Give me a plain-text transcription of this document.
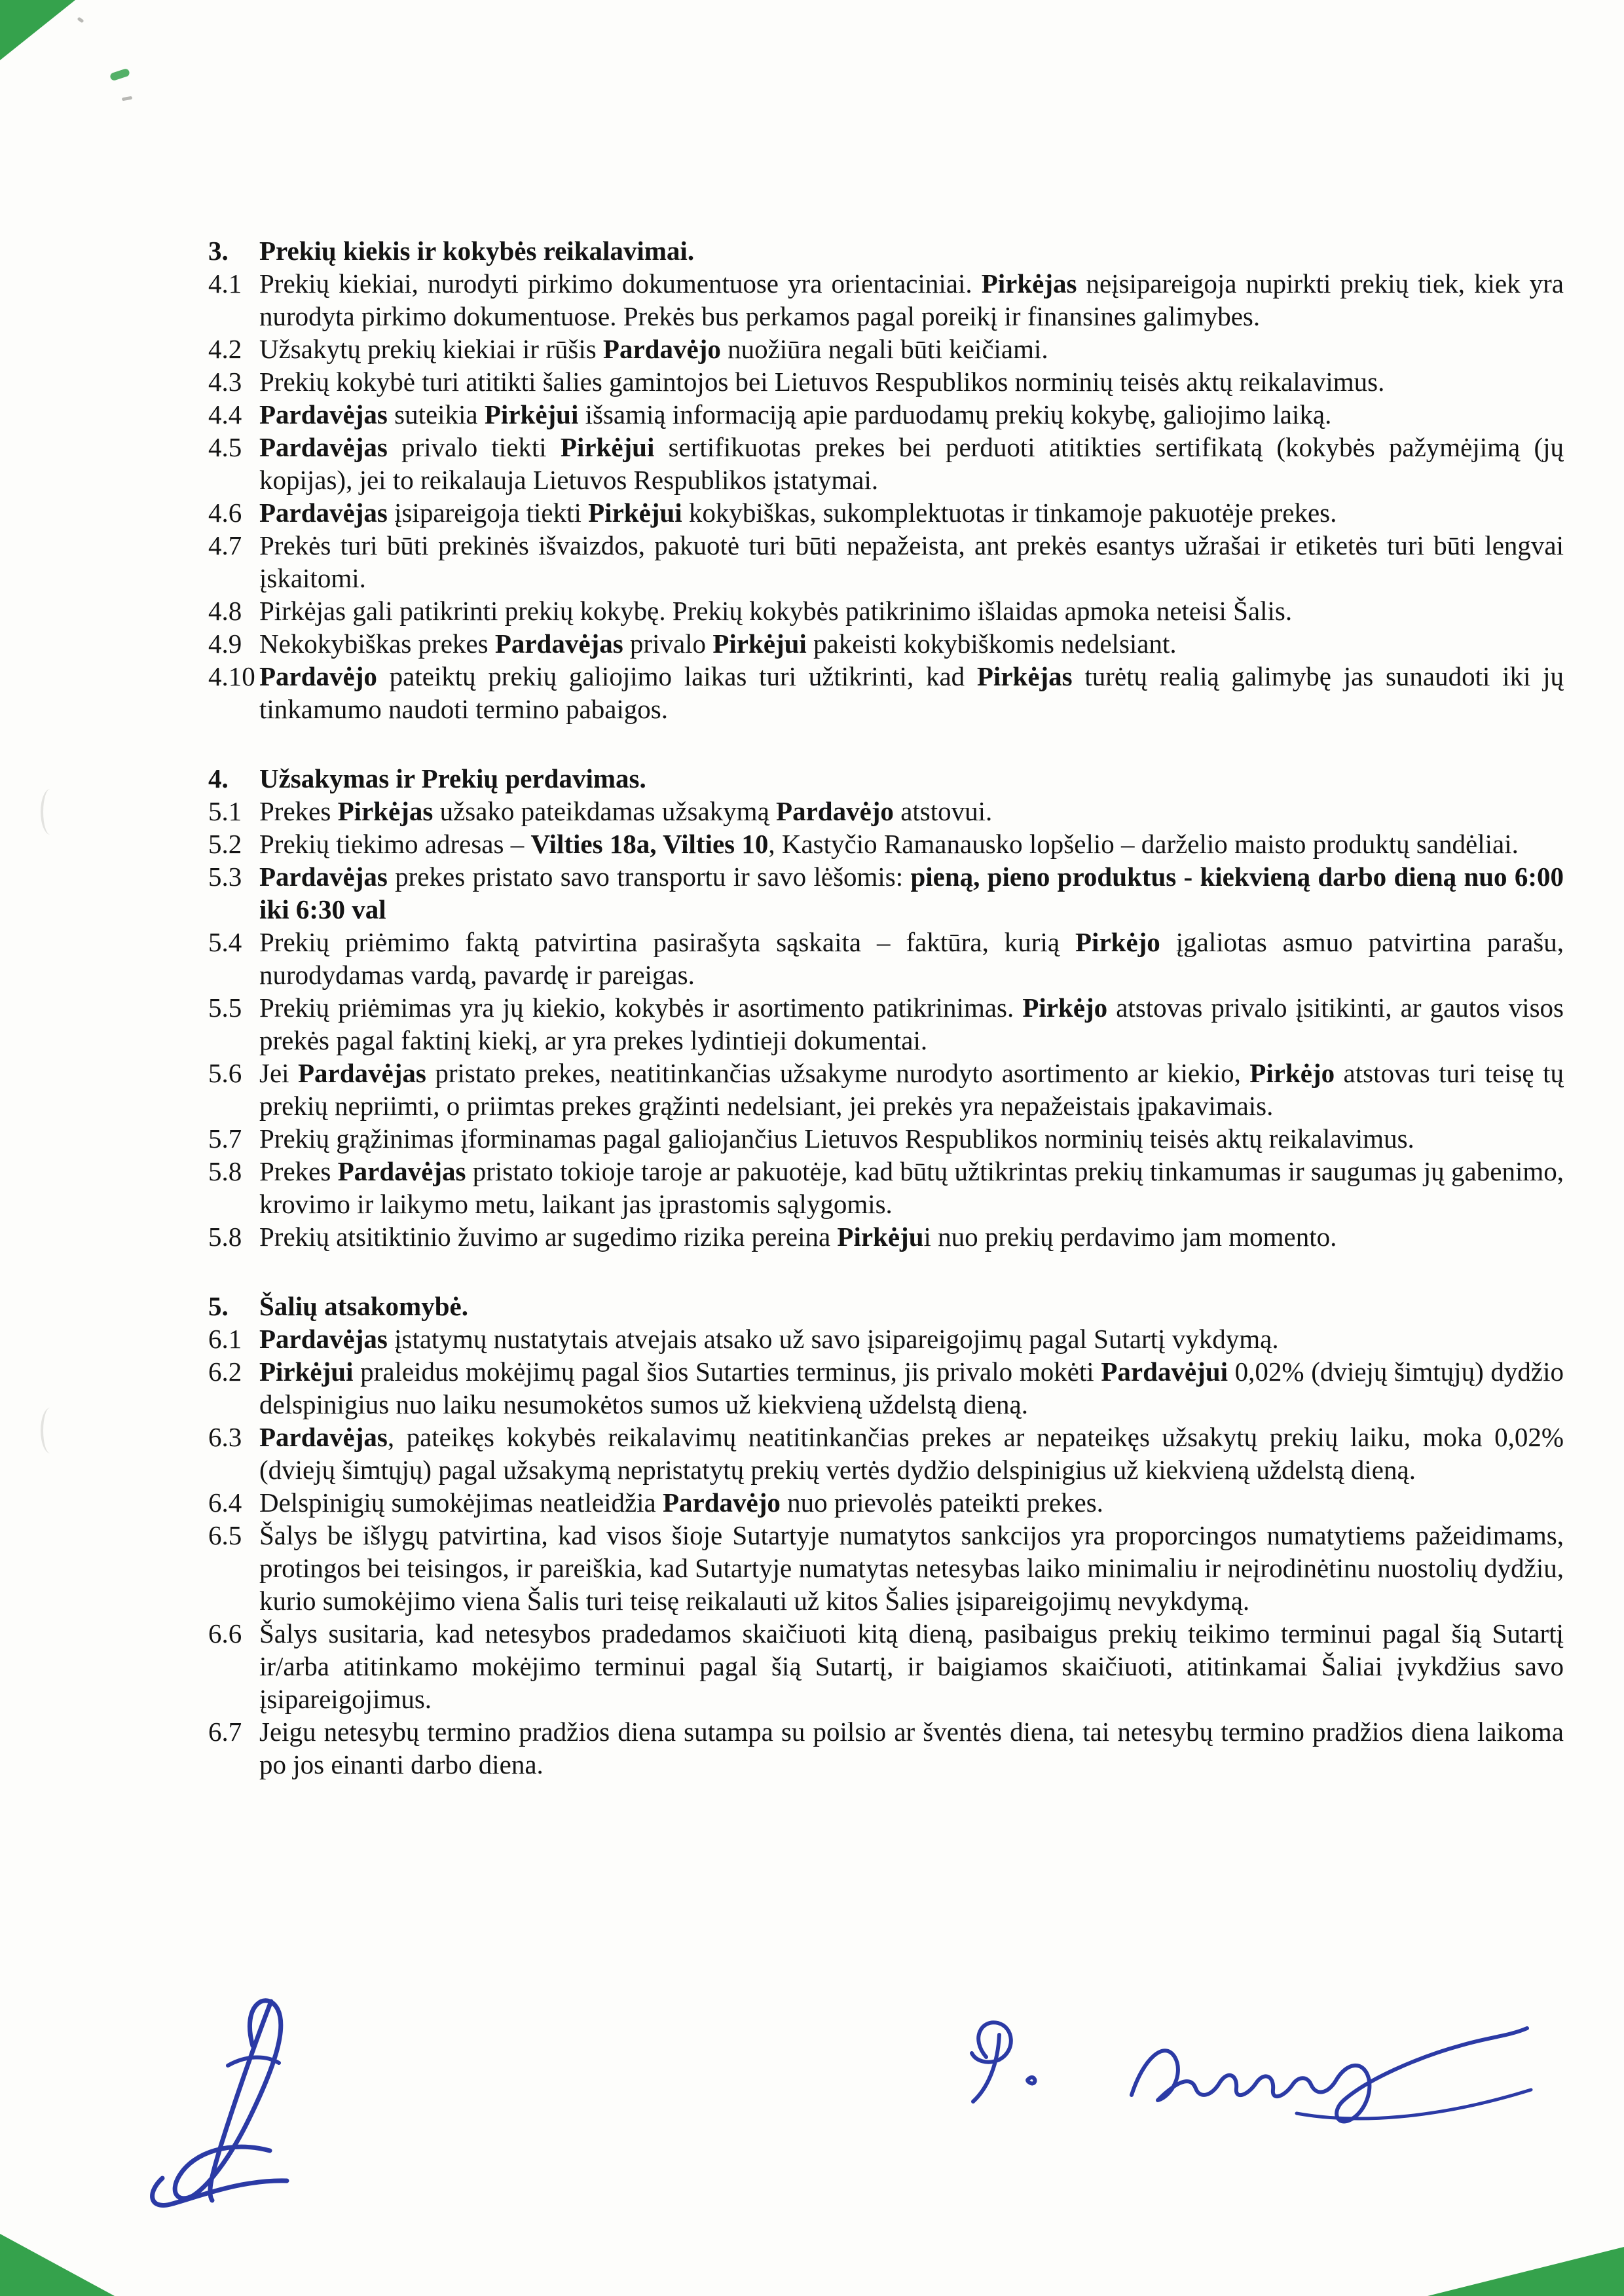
3. Prekių kiekis ir kokybės reikalavimai.
4.1 Prekių kiekiai, nurodyti pirkimo dokumentuose yra orientaciniai. Pirkėjas neįsipareigoja nupirkti prekių tiek, kiek yra nurodyta pirkimo dokumentuose. Prekės bus perkamos pagal poreikį ir finansines galimybes.
4.2 Užsakytų prekių kiekiai ir rūšis Pardavėjo nuožiūra negali būti keičiami.
4.3 Prekių kokybė turi atitikti šalies gamintojos bei Lietuvos Respublikos norminių teisės aktų reikalavimus.
4.4 Pardavėjas suteikia Pirkėjui išsamią informaciją apie parduodamų prekių kokybę, galiojimo laiką.
4.5 Pardavėjas privalo tiekti Pirkėjui sertifikuotas prekes bei perduoti atitikties sertifikatą (kokybės pažymėjimą (jų kopijas), jei to reikalauja Lietuvos Respublikos įstatymai.
4.6 Pardavėjas įsipareigoja tiekti Pirkėjui kokybiškas, sukomplektuotas ir tinkamoje pakuotėje prekes.
4.7 Prekės turi būti prekinės išvaizdos, pakuotė turi būti nepažeista, ant prekės esantys užrašai ir etiketės turi būti lengvai įskaitomi.
4.8 Pirkėjas gali patikrinti prekių kokybę. Prekių kokybės patikrinimo išlaidas apmoka neteisi Šalis.
4.9 Nekokybiškas prekes Pardavėjas privalo Pirkėjui pakeisti kokybiškomis nedelsiant.
4.10 Pardavėjo pateiktų prekių galiojimo laikas turi užtikrinti, kad Pirkėjas turėtų realią galimybę jas sunaudoti iki jų tinkamumo naudoti termino pabaigos.
4. Užsakymas ir Prekių perdavimas.
5.1 Prekes Pirkėjas užsako pateikdamas užsakymą Pardavėjo atstovui.
5.2 Prekių tiekimo adresas – Vilties 18a, Vilties 10, Kastyčio Ramanausko lopšelio – darželio maisto produktų sandėliai.
5.3 Pardavėjas prekes pristato savo transportu ir savo lėšomis: pieną, pieno produktus - kiekvieną darbo dieną nuo 6:00 iki 6:30 val
5.4 Prekių priėmimo faktą patvirtina pasirašyta sąskaita – faktūra, kurią Pirkėjo įgaliotas asmuo patvirtina parašu, nurodydamas vardą, pavardę ir pareigas.
5.5 Prekių priėmimas yra jų kiekio, kokybės ir asortimento patikrinimas. Pirkėjo atstovas privalo įsitikinti, ar gautos visos prekės pagal faktinį kiekį, ar yra prekes lydintieji dokumentai.
5.6 Jei Pardavėjas pristato prekes, neatitinkančias užsakyme nurodyto asortimento ar kiekio, Pirkėjo atstovas turi teisę tų prekių nepriimti, o priimtas prekes grąžinti nedelsiant, jei prekės yra nepažeistais įpakavimais.
5.7 Prekių grąžinimas įforminamas pagal galiojančius Lietuvos Respublikos norminių teisės aktų reikalavimus.
5.8 Prekes Pardavėjas pristato tokioje taroje ar pakuotėje, kad būtų užtikrintas prekių tinkamumas ir saugumas jų gabenimo, krovimo ir laikymo metu, laikant jas įprastomis sąlygomis.
5.8 Prekių atsitiktinio žuvimo ar sugedimo rizika pereina Pirkėjui nuo prekių perdavimo jam momento.
5. Šalių atsakomybė.
6.1 Pardavėjas įstatymų nustatytais atvejais atsako už savo įsipareigojimų pagal Sutartį vykdymą.
6.2 Pirkėjui praleidus mokėjimų pagal šios Sutarties terminus, jis privalo mokėti Pardavėjui 0,02% (dviejų šimtųjų) dydžio delspinigius nuo laiku nesumokėtos sumos už kiekvieną uždelstą dieną.
6.3 Pardavėjas, pateikęs kokybės reikalavimų neatitinkančias prekes ar nepateikęs užsakytų prekių laiku, moka 0,02% (dviejų šimtųjų) pagal užsakymą nepristatytų prekių vertės dydžio delspinigius už kiekvieną uždelstą dieną.
6.4 Delspinigių sumokėjimas neatleidžia Pardavėjo nuo prievolės pateikti prekes.
6.5 Šalys be išlygų patvirtina, kad visos šioje Sutartyje numatytos sankcijos yra proporcingos numatytiems pažeidimams, protingos bei teisingos, ir pareiškia, kad Sutartyje numatytas netesybas laiko minimaliu ir neįrodinėtinu nuostolių dydžiu, kurio sumokėjimo viena Šalis turi teisę reikalauti už kitos Šalies įsipareigojimų nevykdymą.
6.6 Šalys susitaria, kad netesybos pradedamos skaičiuoti kitą dieną, pasibaigus prekių teikimo terminui pagal šią Sutartį ir/arba atitinkamo mokėjimo terminui pagal šią Sutartį, ir baigiamos skaičiuoti, atitinkamai Šaliai įvykdžius savo įsipareigojimus.
6.7 Jeigu netesybų termino pradžios diena sutampa su poilsio ar šventės diena, tai netesybų termino pradžios diena laikoma po jos einanti darbo diena.
